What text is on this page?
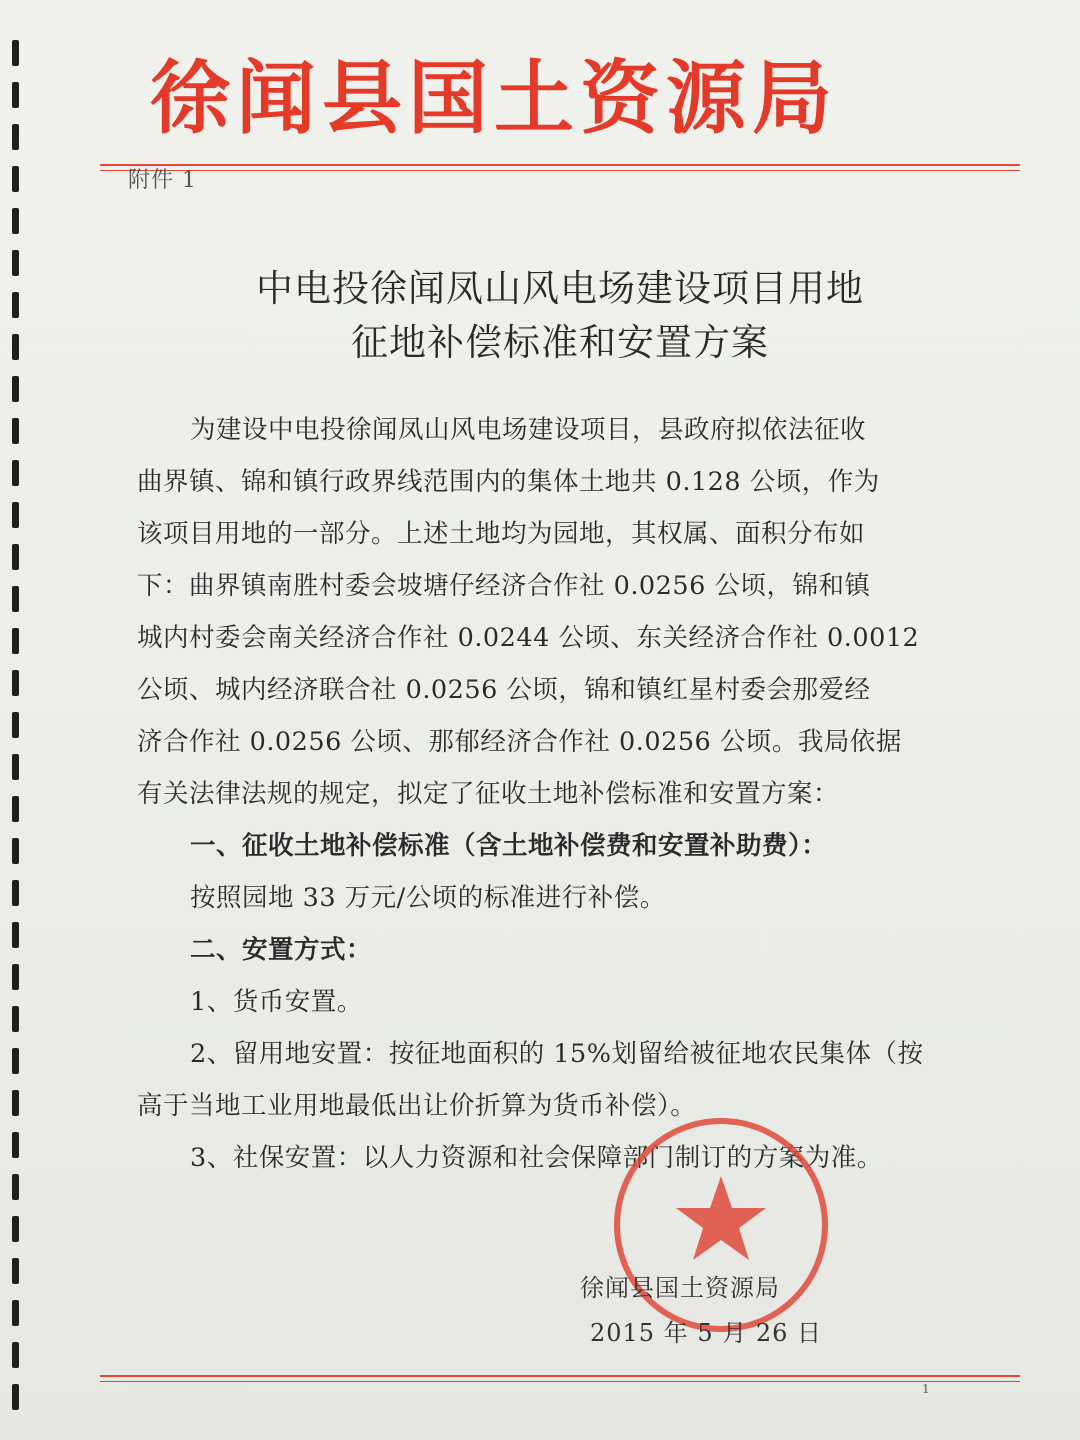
徐闻县国土资源局
附件 1
中电投徐闻凤山风电场建设项目用地
征地补偿标准和安置方案
为建设中电投徐闻凤山风电场建设项目，县政府拟依法征收
曲界镇、锦和镇行政界线范围内的集体土地共 0.128 公顷，作为
该项目用地的一部分。上述土地均为园地，其权属、面积分布如
下：曲界镇南胜村委会坡塘仔经济合作社 0.0256 公顷，锦和镇
城内村委会南关经济合作社 0.0244 公顷、东关经济合作社 0.0012
公顷、城内经济联合社 0.0256 公顷，锦和镇红星村委会那爱经
济合作社 0.0256 公顷、那郁经济合作社 0.0256 公顷。我局依据
有关法律法规的规定，拟定了征收土地补偿标准和安置方案：
一、征收土地补偿标准（含土地补偿费和安置补助费）：
按照园地 33 万元/公顷的标准进行补偿。
二、安置方式：
1、货币安置。
2、留用地安置：按征地面积的 15%划留给被征地农民集体（按
高于当地工业用地最低出让价折算为货币补偿）。
3、社保安置：以人力资源和社会保障部门制订的方案为准。
徐闻县国土资源局
2015 年 5 月 26 日
1
